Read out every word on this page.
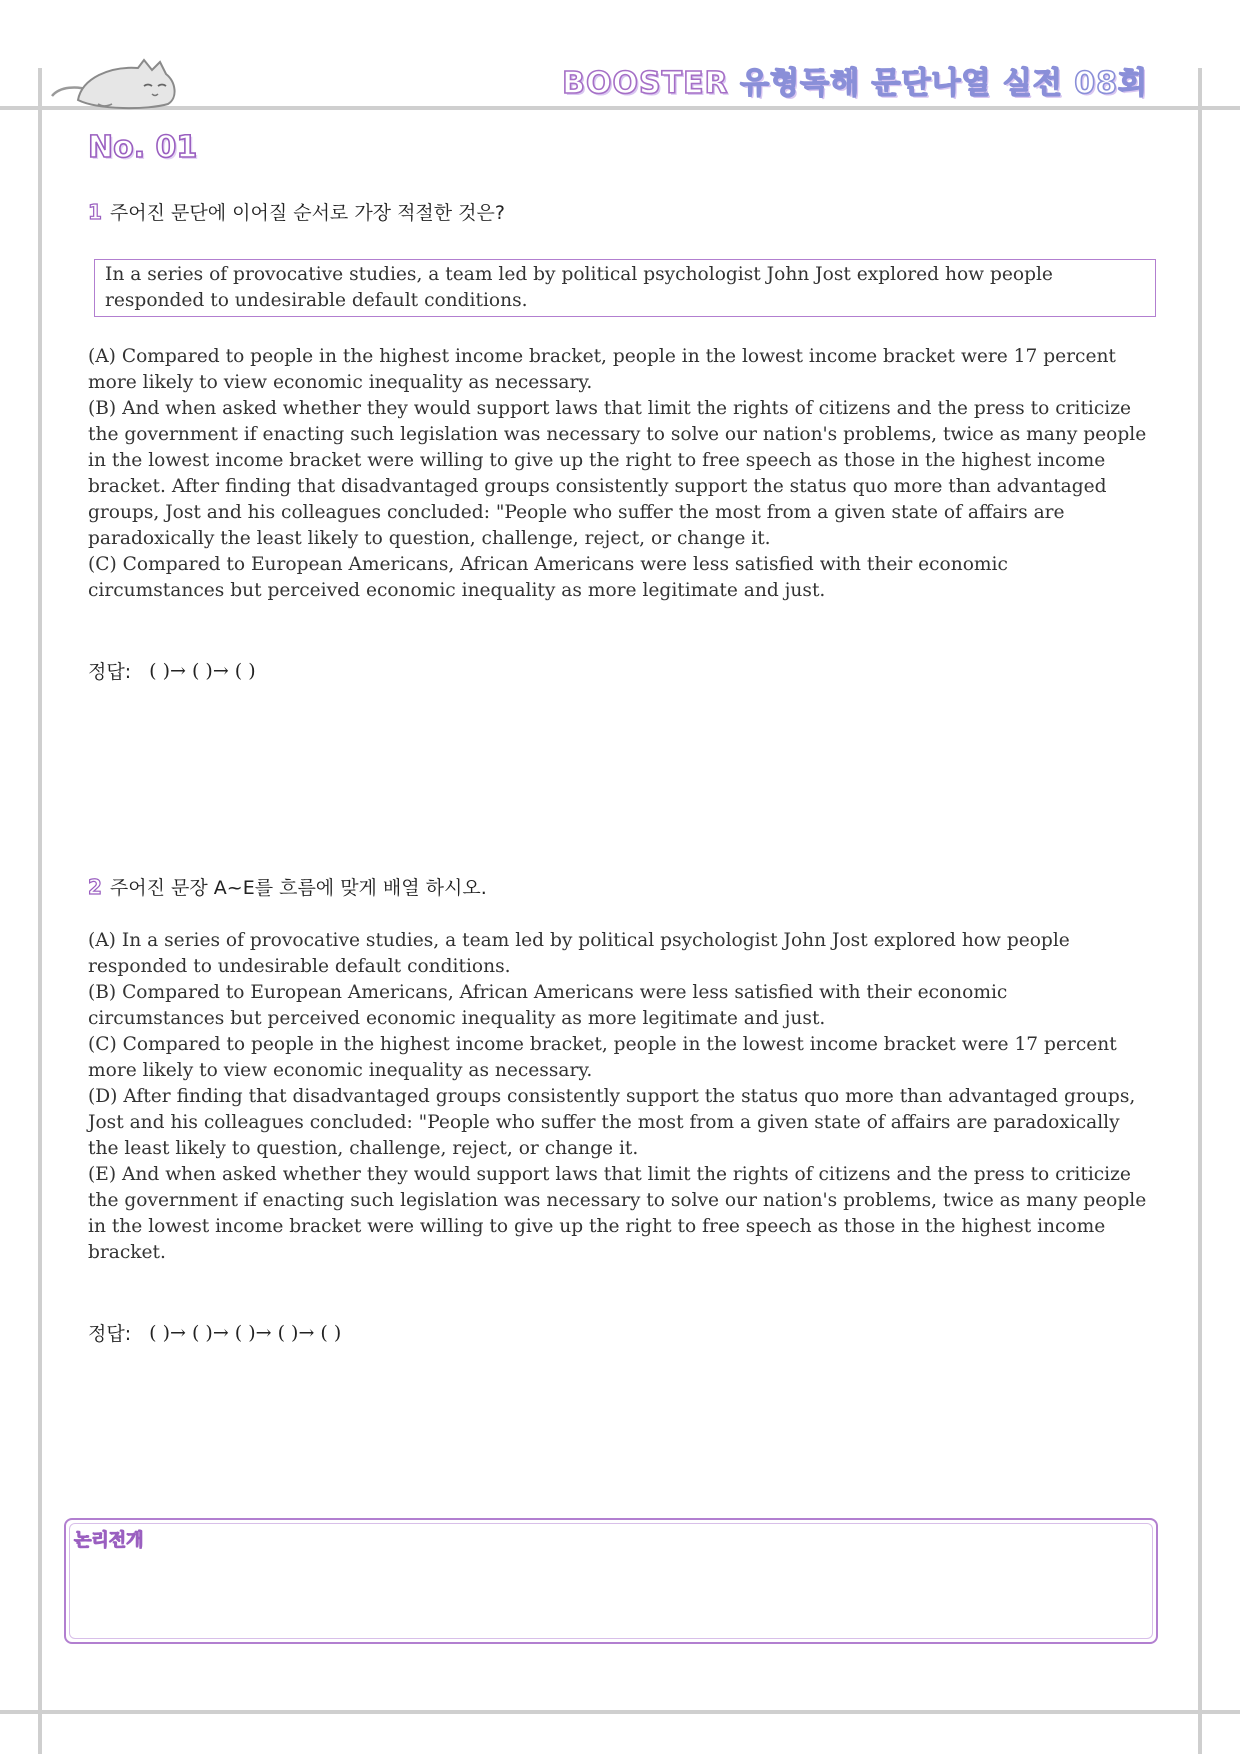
BOOSTER 유형독해 문단나열 실전 08회
No. 01
1 주어진 문단에 이어질 순서로 가장 적절한 것은?
In a series of provocative studies, a team led by political psychologist John Jost explored how people responded to undesirable default conditions.

(A) Compared to people in the highest income bracket, people in the lowest income bracket were 17 percent more likely to view economic inequality as necessary.

(B) And when asked whether they would support laws that limit the rights of citizens and the press to criticize the government if enacting such legislation was necessary to solve our nation's problems, twice as many people in the lowest income bracket were willing to give up the right to free speech as those in the highest income bracket. After finding that disadvantaged groups consistently support the status quo more than advantaged groups, Jost and his colleagues concluded: "People who suffer the most from a given state of affairs are paradoxically the least likely to question, challenge, reject, or change it.

(C) Compared to European Americans, African Americans were less satisfied with their economic circumstances but perceived economic inequality as more legitimate and just.

정답: ( )→ ( )→ ( )
2 주어진 문장 A~E를 흐름에 맞게 배열 하시오.

(A) In a series of provocative studies, a team led by political psychologist John Jost explored how people responded to undesirable default conditions.

(B) Compared to European Americans, African Americans were less satisfied with their economic circumstances but perceived economic inequality as more legitimate and just.

(C) Compared to people in the highest income bracket, people in the lowest income bracket were 17 percent more likely to view economic inequality as necessary.

(D) After finding that disadvantaged groups consistently support the status quo more than advantaged groups, Jost and his colleagues concluded: "People who suffer the most from a given state of affairs are paradoxically the least likely to question, challenge, reject, or change it.

(E) And when asked whether they would support laws that limit the rights of citizens and the press to criticize the government if enacting such legislation was necessary to solve our nation's problems, twice as many people in the lowest income bracket were willing to give up the right to free speech as those in the highest income bracket.

정답: ( )→ ( )→ ( )→ ( )→ ( )

논리전개
